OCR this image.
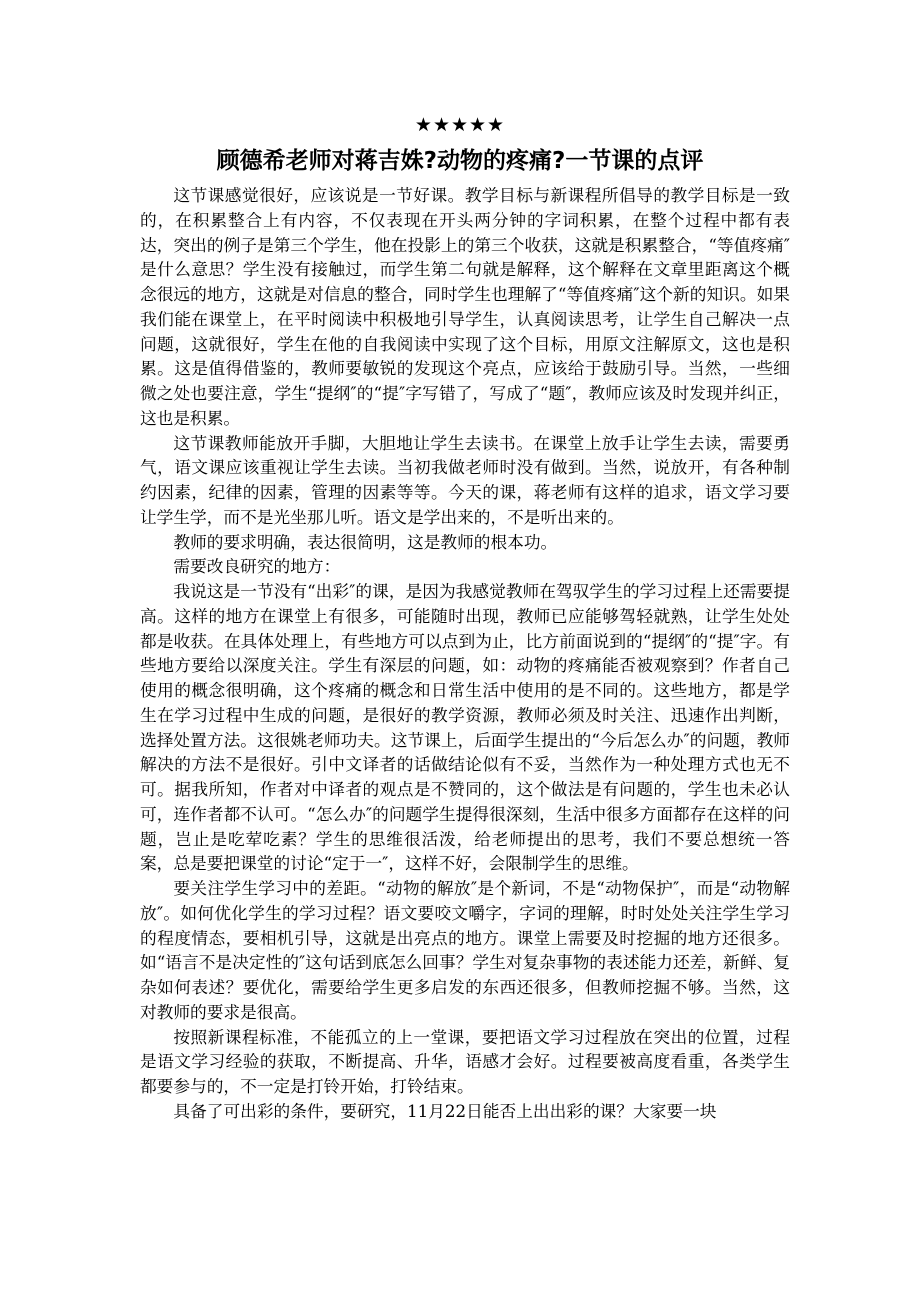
★★★★★
顾德希老师对蒋吉姝?动物的疼痛?一节课的点评

这节课感觉很好，应该说是一节好课。教学目标与新课程所倡导的教学目标是一致的，在积累整合上有内容，不仅表现在开头两分钟的字词积累，在整个过程中都有表达，突出的例子是第三个学生，他在投影上的第三个收获，这就是积累整合，“等值疼痛″是什么意思？学生没有接触过，而学生第二句就是解释，这个解释在文章里距离这个概念很远的地方，这就是对信息的整合，同时学生也理解了“等值疼痛″这个新的知识。如果我们能在课堂上，在平时阅读中积极地引导学生，认真阅读思考，让学生自己解决一点问题，这就很好，学生在他的自我阅读中实现了这个目标，用原文注解原文，这也是积累。这是值得借鉴的，教师要敏锐的发现这个亮点，应该给于鼓励引导。当然，一些细微之处也要注意，学生“提纲″的“提″字写错了，写成了“题″，教师应该及时发现并纠正，这也是积累。

这节课教师能放开手脚，大胆地让学生去读书。在课堂上放手让学生去读，需要勇气，语文课应该重视让学生去读。当初我做老师时没有做到。当然，说放开，有各种制约因素，纪律的因素，管理的因素等等。今天的课，蒋老师有这样的追求，语文学习要让学生学，而不是光坐那儿听。语文是学出来的，不是听出来的。

教师的要求明确，表达很简明，这是教师的根本功。

需要改良研究的地方：

我说这是一节没有“出彩″的课，是因为我感觉教师在驾驭学生的学习过程上还需要提高。这样的地方在课堂上有很多，可能随时出现，教师已应能够驾轻就熟，让学生处处都是收获。在具体处理上，有些地方可以点到为止，比方前面说到的“提纲″的“提″字。有些地方要给以深度关注。学生有深层的问题，如：动物的疼痛能否被观察到？作者自己使用的概念很明确，这个疼痛的概念和日常生活中使用的是不同的。这些地方，都是学生在学习过程中生成的问题，是很好的教学资源，教师必须及时关注、迅速作出判断，选择处置方法。这很姚老师功夫。这节课上，后面学生提出的“今后怎么办″的问题，教师解决的方法不是很好。引中文译者的话做结论似有不妥，当然作为一种处理方式也无不可。据我所知，作者对中译者的观点是不赞同的，这个做法是有问题的，学生也未必认可，连作者都不认可。“怎么办″的问题学生提得很深刻，生活中很多方面都存在这样的问题，岂止是吃荤吃素？学生的思维很活泼，给老师提出的思考，我们不要总想统一答案，总是要把课堂的讨论“定于一″，这样不好，会限制学生的思维。

要关注学生学习中的差距。“动物的解放″是个新词，不是“动物保护″，而是“动物解放″。如何优化学生的学习过程？语文要咬文嚼字，字词的理解，时时处处关注学生学习的程度情态，要相机引导，这就是出亮点的地方。课堂上需要及时挖掘的地方还很多。如“语言不是决定性的″这句话到底怎么回事？学生对复杂事物的表述能力还差，新鲜、复杂如何表述？要优化，需要给学生更多启发的东西还很多，但教师挖掘不够。当然，这对教师的要求是很高。

按照新课程标准，不能孤立的上一堂课，要把语文学习过程放在突出的位置，过程是语文学习经验的获取，不断提高、升华，语感才会好。过程要被高度看重，各类学生都要参与的，不一定是打铃开始，打铃结束。

具备了可出彩的条件，要研究，11月22日能否上出出彩的课？大家要一块
